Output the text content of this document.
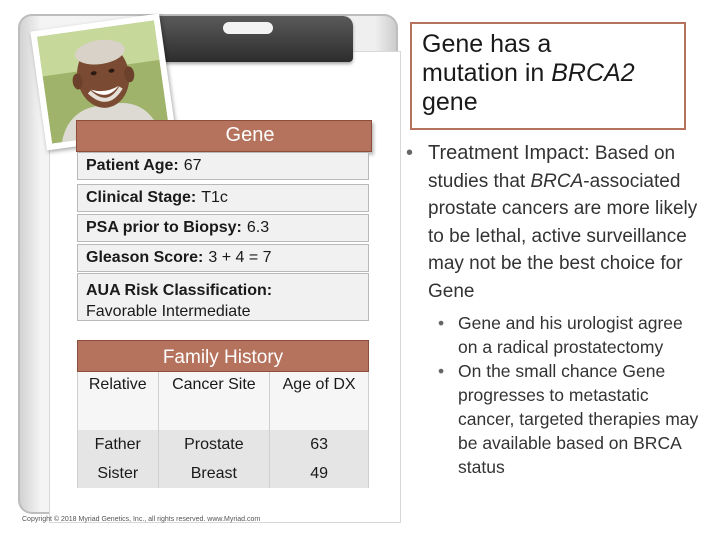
Gene
Patient Age: 67
Clinical Stage: T1c
PSA prior to Biopsy: 6.3
Gleason Score: 3 + 4 = 7
AUA Risk Classification:
Favorable Intermediate
Family History
Relative	Cancer Site	Age of DX
Father	Prostate	63
Sister	Breast	49
Copyright © 2018 Myriad Genetics, Inc., all rights reserved. www.Myriad.com
Gene has a
mutation in BRCA2
gene
• Treatment Impact: Based on studies that BRCA-associated prostate cancers are more likely to be lethal, active surveillance may not be the best choice for Gene
• Gene and his urologist agree on a radical prostatectomy
• On the small chance Gene progresses to metastatic cancer, targeted therapies may be available based on BRCA status
